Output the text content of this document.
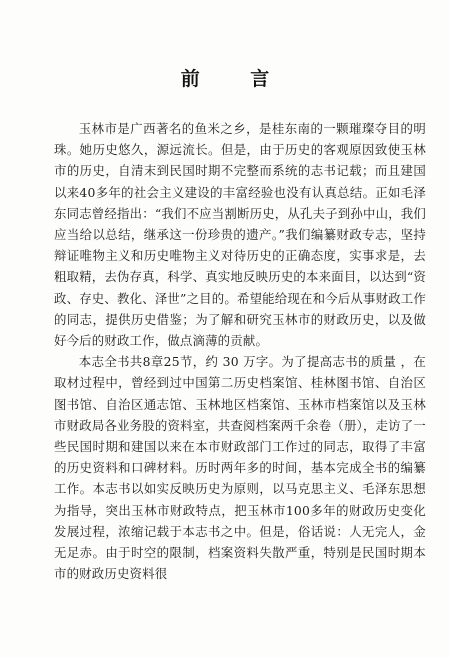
前 言

玉林市是广西著名的鱼米之乡，是桂东南的一颗璀璨夺目的明珠。她历史悠久，源远流长。但是，由于历史的客观原因致使玉林市的历史，自清末到民国时期不完整而系统的志书记载；而且建国以来40多年的社会主义建设的丰富经验也没有认真总结。正如毛泽东同志曾经指出：“我们不应当割断历史，从孔夫子到孙中山，我们应当给以总结，继承这一份珍贵的遗产。”我们编纂财政专志，坚持辩证唯物主义和历史唯物主义对待历史的正确态度，实事求是，去粗取精，去伪存真，科学、真实地反映历史的本来面目，以达到“资政、存史、教化、泽世”之目的。希望能给现在和今后从事财政工作的同志，提供历史借鉴；为了解和研究玉林市的财政历史，以及做好今后的财政工作，做点滴薄的贡献。

本志全书共8章25节，约 30 万字。为了提高志书的质量 ，在取材过程中，曾经到过中国第二历史档案馆、桂林图书馆、自治区图书馆、自治区通志馆、玉林地区档案馆、玉林市档案馆以及玉林市财政局各业务股的资料室，共查阅档案两千余卷（册），走访了一些民国时期和建国以来在本市财政部门工作过的同志，取得了丰富的历史资料和口碑材料。历时两年多的时间，基本完成全书的编纂工作。本志书以如实反映历史为原则，以马克思主义、毛泽东思想为指导，突出玉林市财政特点，把玉林市100多年的财政历史变化发展过程，浓缩记载于本志书之中。但是，俗话说：人无完人，金无足赤。由于时空的限制，档案资料失散严重，特别是民国时期本市的财政历史资料很
